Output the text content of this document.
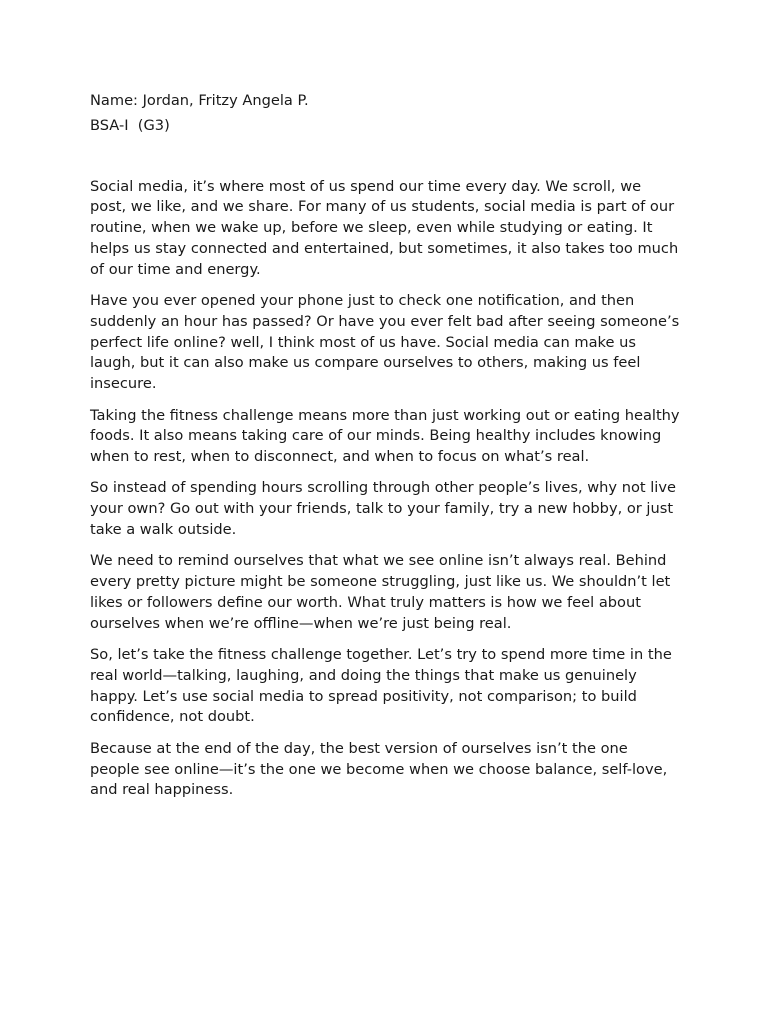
Name: Jordan, Fritzy Angela P.

BSA-I  (G3)

Social media, it’s where most of us spend our time every day. We scroll, we post, we like, and we share. For many of us students, social media is part of our routine, when we wake up, before we sleep, even while studying or eating. It helps us stay connected and entertained, but sometimes, it also takes too much of our time and energy.

Have you ever opened your phone just to check one notification, and then suddenly an hour has passed? Or have you ever felt bad after seeing someone’s perfect life online? well, I think most of us have. Social media can make us laugh, but it can also make us compare ourselves to others, making us feel insecure.

Taking the fitness challenge means more than just working out or eating healthy foods. It also means taking care of our minds. Being healthy includes knowing when to rest, when to disconnect, and when to focus on what’s real.

So instead of spending hours scrolling through other people’s lives, why not live your own? Go out with your friends, talk to your family, try a new hobby, or just take a walk outside.

We need to remind ourselves that what we see online isn’t always real. Behind every pretty picture might be someone struggling, just like us. We shouldn’t let likes or followers define our worth. What truly matters is how we feel about ourselves when we’re offline—when we’re just being real.

So, let’s take the fitness challenge together. Let’s try to spend more time in the real world—talking, laughing, and doing the things that make us genuinely happy. Let’s use social media to spread positivity, not comparison; to build confidence, not doubt.

Because at the end of the day, the best version of ourselves isn’t the one people see online—it’s the one we become when we choose balance, self-love, and real happiness.
